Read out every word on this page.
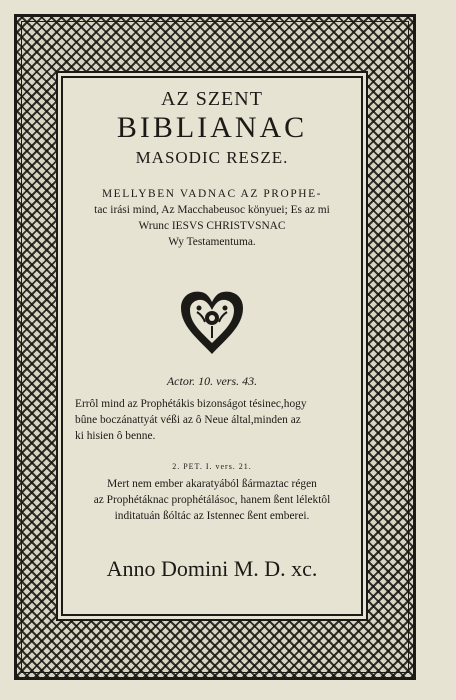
AZ SZENT
BIBLIANAC
MASODIC RESZE.
MELLYBEN VADNAC AZ PROPHE-
tac irási mind, Az Macchabeusoc könyuei; Es az mi
Wrunc IESVS CHRISTVSNAC
Wy Testamentuma.
Actor. 10. vers. 43.
Errôl mind az Prophétákis bizonságot tésinec,hogy
bûne boczánattyát véßi az ô Neue által,minden az
ki hisien ô benne.
2. PET. I. vers. 21.
Mert nem ember akaratyából ßármaztac régen
az Prophétáknac prophétálásoc, hanem ßent lélektôl
inditatuán ßóltác az Istennec ßent emberei.
Anno Domini M. D. xc.
